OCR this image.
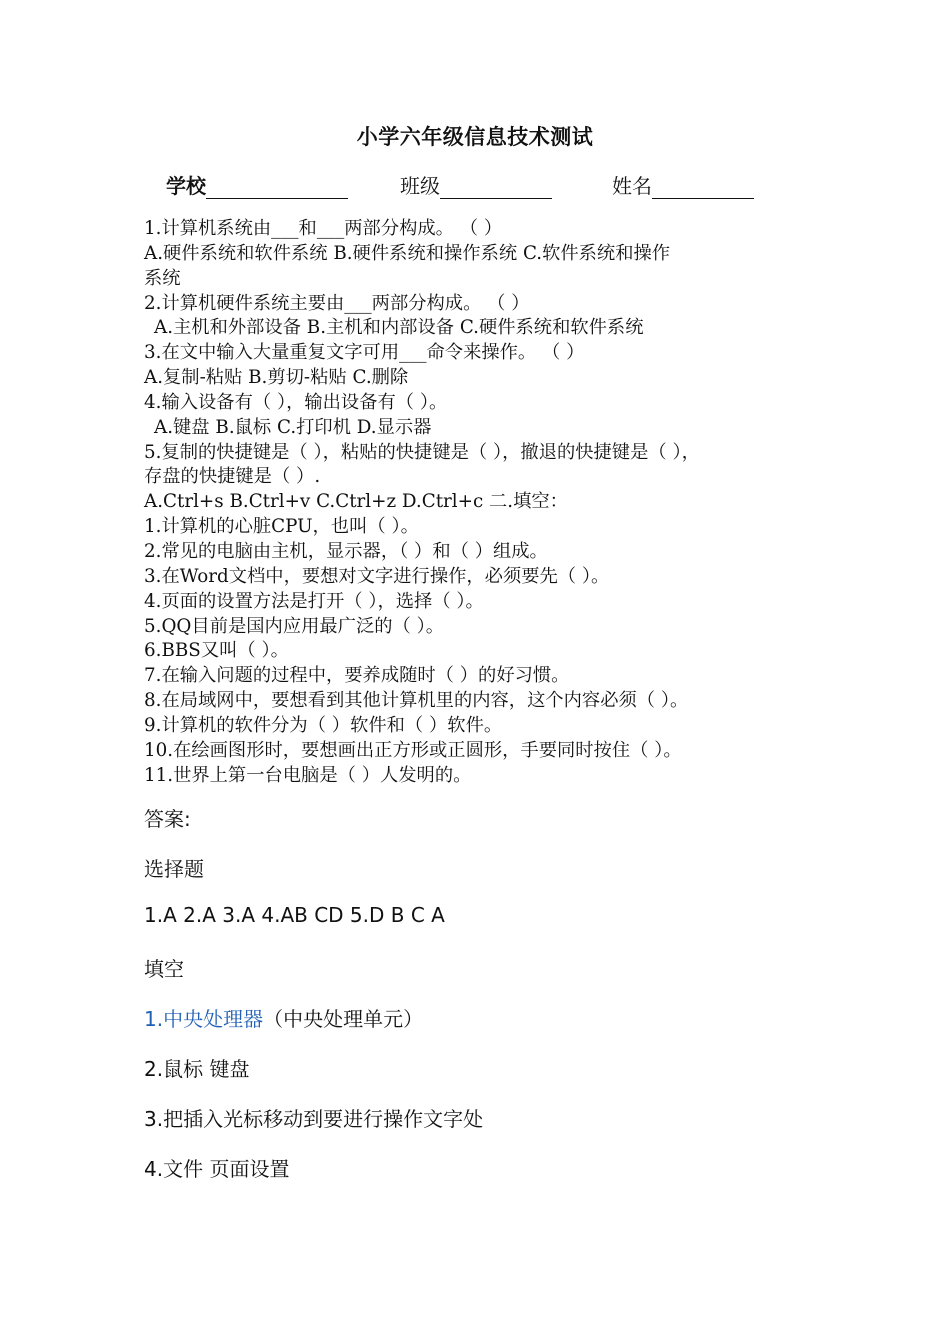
小学六年级信息技术测试
学校	班级	姓名
1.计算机系统由___和___两部分构成。 （ ）
A.硬件系统和软件系统 B.硬件系统和操作系统 C.软件系统和操作
系统
2.计算机硬件系统主要由___两部分构成。 （ ）
A.主机和外部设备 B.主机和内部设备 C.硬件系统和软件系统
3.在文中输入大量重复文字可用___命令来操作。 （ ）
A.复制-粘贴 B.剪切-粘贴 C.删除
4.输入设备有（ ），输出设备有（ ）。
A.键盘 B.鼠标 C.打印机 D.显示器
5.复制的快捷键是（ ），粘贴的快捷键是（ ），撤退的快捷键是（ ），
存盘的快捷键是（ ）.
A.Ctrl+s B.Ctrl+v C.Ctrl+z D.Ctrl+c 二.填空：
1.计算机的心脏CPU，也叫（ ）。
2.常见的电脑由主机，显示器，（ ）和（ ）组成。
3.在Word文档中，要想对文字进行操作，必须要先（ ）。
4.页面的设置方法是打开（ ），选择（ ）。
5.QQ目前是国内应用最广泛的（ ）。
6.BBS又叫（ ）。
7.在输入问题的过程中，要养成随时（ ）的好习惯。
8.在局域网中，要想看到其他计算机里的内容，这个内容必须（ ）。
9.计算机的软件分为（ ）软件和（ ）软件。
10.在绘画图形时，要想画出正方形或正圆形，手要同时按住（ ）。
11.世界上第一台电脑是（ ）人发明的。
答案:
选择题
1.A 2.A 3.A 4.AB CD 5.D B C A
填空
1.中央处理器（中央处理单元）
2.鼠标 键盘
3.把插入光标移动到要进行操作文字处
4.文件 页面设置
